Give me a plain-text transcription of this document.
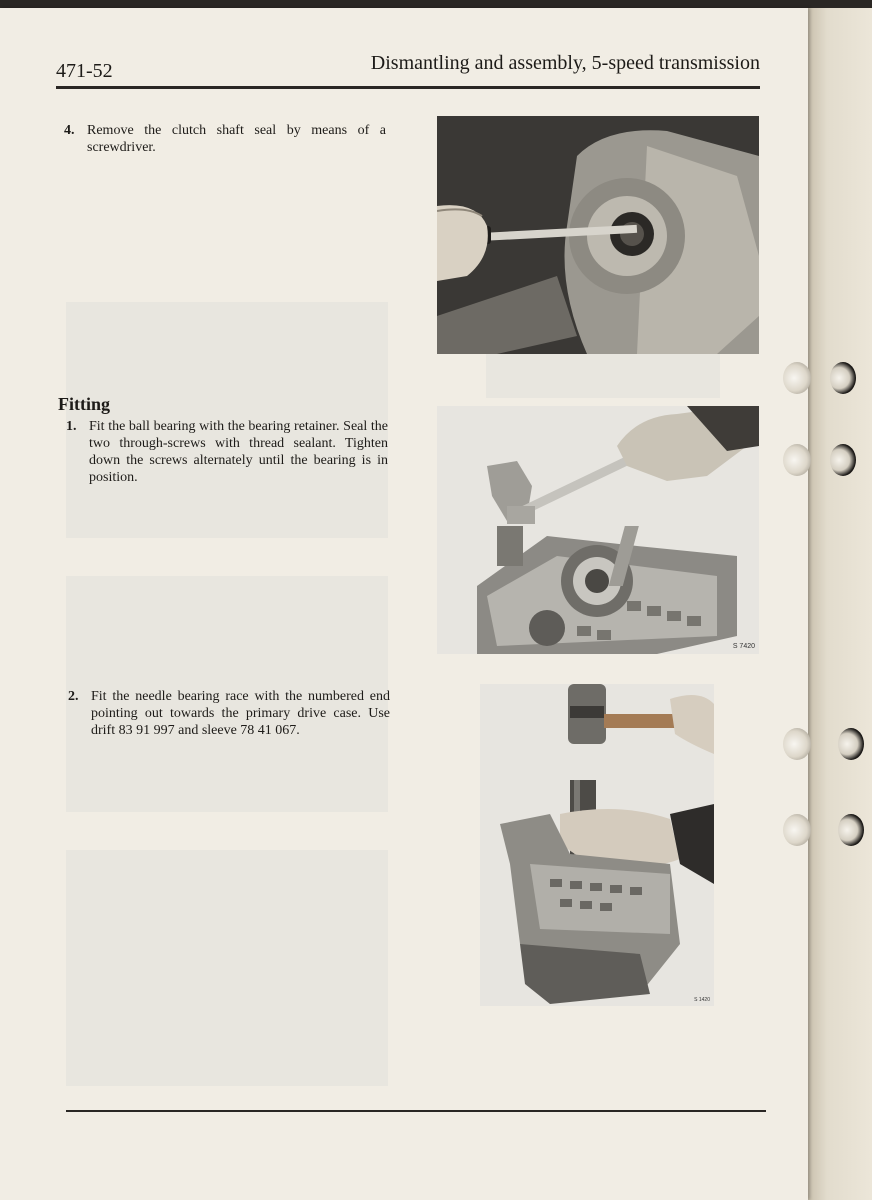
471-52	Dismantling and assembly, 5-speed transmission
4. Remove the clutch shaft seal by means of a screwdriver.
Fitting
1. Fit the ball bearing with the bearing retainer. Seal the two through-screws with thread sealant. Tighten down the screws alternately until the bearing is in position.
2. Fit the needle bearing race with the numbered end pointing out towards the primary drive case. Use drift 83 91 997 and sleeve 78 41 067.
S 7420
S 1420
